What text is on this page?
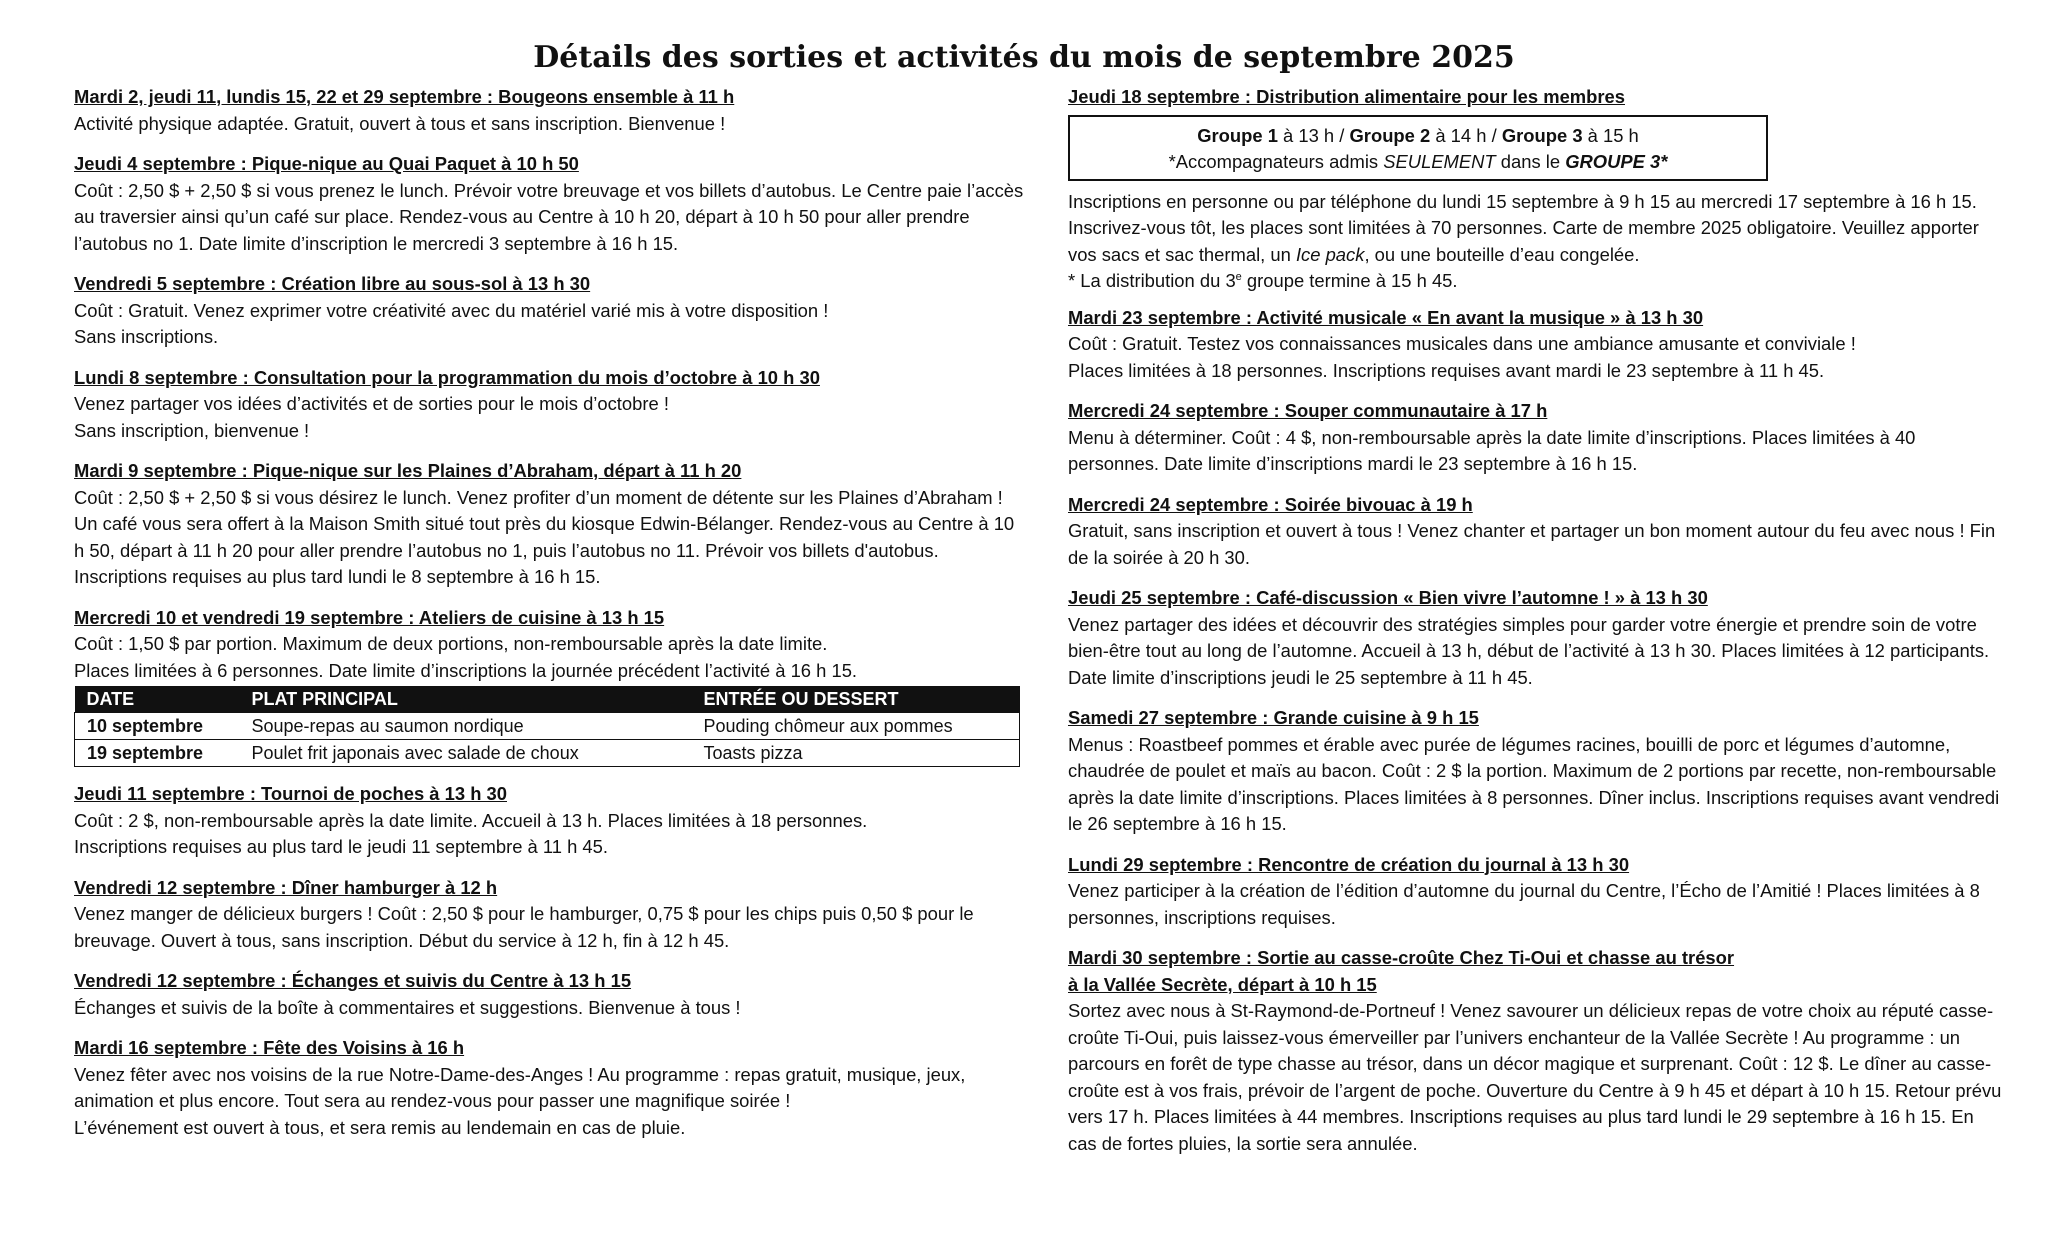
Détails des sorties et activités du mois de septembre 2025
Mardi 2, jeudi 11, lundis 15, 22 et 29 septembre : Bougeons ensemble à 11 h
Activité physique adaptée. Gratuit, ouvert à tous et sans inscription. Bienvenue !
Jeudi 4 septembre : Pique-nique au Quai Paquet à 10 h 50
Coût : 2,50 $ + 2,50 $ si vous prenez le lunch. Prévoir votre breuvage et vos billets d’autobus. Le Centre paie l’accès au traversier ainsi qu’un café sur place. Rendez-vous au Centre à 10 h 20, départ à 10 h 50 pour aller prendre l’autobus no 1. Date limite d’inscription le mercredi 3 septembre à 16 h 15.
Vendredi 5 septembre : Création libre au sous-sol à 13 h 30
Coût : Gratuit. Venez exprimer votre créativité avec du matériel varié mis à votre disposition !
Sans inscriptions.
Lundi 8 septembre : Consultation pour la programmation du mois d’octobre à 10 h 30
Venez partager vos idées d’activités et de sorties pour le mois d’octobre !
Sans inscription, bienvenue !
Mardi 9 septembre : Pique-nique sur les Plaines d’Abraham, départ à 11 h 20
Coût : 2,50 $ + 2,50 $ si vous désirez le lunch. Venez profiter d’un moment de détente sur les Plaines d’Abraham ! Un café vous sera offert à la Maison Smith situé tout près du kiosque Edwin-Bélanger. Rendez-vous au Centre à 10 h 50, départ à 11 h 20 pour aller prendre l’autobus no 1, puis l’autobus no 11. Prévoir vos billets d'autobus. Inscriptions requises au plus tard lundi le 8 septembre à 16 h 15.
Mercredi 10 et vendredi 19 septembre : Ateliers de cuisine à 13 h 15
Coût : 1,50 $ par portion. Maximum de deux portions, non-remboursable après la date limite.
Places limitées à 6 personnes. Date limite d’inscriptions la journée précédent l’activité à 16 h 15.
DATE	PLAT PRINCIPAL	ENTRÉE OU DESSERT
10 septembre	Soupe-repas au saumon nordique	Pouding chômeur aux pommes
19 septembre	Poulet frit japonais avec salade de choux	Toasts pizza
Jeudi 11 septembre : Tournoi de poches à 13 h 30
Coût : 2 $, non-remboursable après la date limite. Accueil à 13 h. Places limitées à 18 personnes.
Inscriptions requises au plus tard le jeudi 11 septembre à 11 h 45.
Vendredi 12 septembre : Dîner hamburger à 12 h
Venez manger de délicieux burgers ! Coût : 2,50 $ pour le hamburger, 0,75 $ pour les chips puis 0,50 $ pour le breuvage. Ouvert à tous, sans inscription. Début du service à 12 h, fin à 12 h 45.
Vendredi 12 septembre : Échanges et suivis du Centre à 13 h 15
Échanges et suivis de la boîte à commentaires et suggestions. Bienvenue à tous !
Mardi 16 septembre : Fête des Voisins à 16 h
Venez fêter avec nos voisins de la rue Notre-Dame-des-Anges ! Au programme : repas gratuit, musique, jeux, animation et plus encore. Tout sera au rendez-vous pour passer une magnifique soirée !
L’événement est ouvert à tous, et sera remis au lendemain en cas de pluie.
Jeudi 18 septembre : Distribution alimentaire pour les membres
Groupe 1 à 13 h / Groupe 2 à 14 h / Groupe 3 à 15 h
*Accompagnateurs admis SEULEMENT dans le GROUPE 3*
Inscriptions en personne ou par téléphone du lundi 15 septembre à 9 h 15 au mercredi 17 septembre à 16 h 15. Inscrivez-vous tôt, les places sont limitées à 70 personnes. Carte de membre 2025 obligatoire. Veuillez apporter vos sacs et sac thermal, un Ice pack, ou une bouteille d’eau congelée.
* La distribution du 3e groupe termine à 15 h 45.
Mardi 23 septembre : Activité musicale « En avant la musique » à 13 h 30
Coût : Gratuit. Testez vos connaissances musicales dans une ambiance amusante et conviviale !
Places limitées à 18 personnes. Inscriptions requises avant mardi le 23 septembre à 11 h 45.
Mercredi 24 septembre : Souper communautaire à 17 h
Menu à déterminer. Coût : 4 $, non-remboursable après la date limite d’inscriptions. Places limitées à 40 personnes. Date limite d’inscriptions mardi le 23 septembre à 16 h 15.
Mercredi 24 septembre : Soirée bivouac à 19 h
Gratuit, sans inscription et ouvert à tous ! Venez chanter et partager un bon moment autour du feu avec nous ! Fin de la soirée à 20 h 30.
Jeudi 25 septembre : Café-discussion « Bien vivre l’automne ! » à 13 h 30
Venez partager des idées et découvrir des stratégies simples pour garder votre énergie et prendre soin de votre bien-être tout au long de l’automne. Accueil à 13 h, début de l’activité à 13 h 30. Places limitées à 12 participants. Date limite d’inscriptions jeudi le 25 septembre à 11 h 45.
Samedi 27 septembre : Grande cuisine à 9 h 15
Menus : Roastbeef pommes et érable avec purée de légumes racines, bouilli de porc et légumes d’automne, chaudrée de poulet et maïs au bacon. Coût : 2 $ la portion. Maximum de 2 portions par recette, non-remboursable après la date limite d’inscriptions. Places limitées à 8 personnes. Dîner inclus. Inscriptions requises avant vendredi le 26 septembre à 16 h 15.
Lundi 29 septembre : Rencontre de création du journal à 13 h 30
Venez participer à la création de l’édition d’automne du journal du Centre, l’Écho de l’Amitié ! Places limitées à 8 personnes, inscriptions requises.
Mardi 30 septembre : Sortie au casse-croûte Chez Ti-Oui et chasse au trésor
à la Vallée Secrète, départ à 10 h 15
Sortez avec nous à St-Raymond-de-Portneuf ! Venez savourer un délicieux repas de votre choix au réputé casse-croûte Ti-Oui, puis laissez-vous émerveiller par l’univers enchanteur de la Vallée Secrète ! Au programme : un parcours en forêt de type chasse au trésor, dans un décor magique et surprenant. Coût : 12 $. Le dîner au casse-croûte est à vos frais, prévoir de l’argent de poche. Ouverture du Centre à 9 h 45 et départ à 10 h 15. Retour prévu vers 17 h. Places limitées à 44 membres. Inscriptions requises au plus tard lundi le 29 septembre à 16 h 15. En cas de fortes pluies, la sortie sera annulée.
